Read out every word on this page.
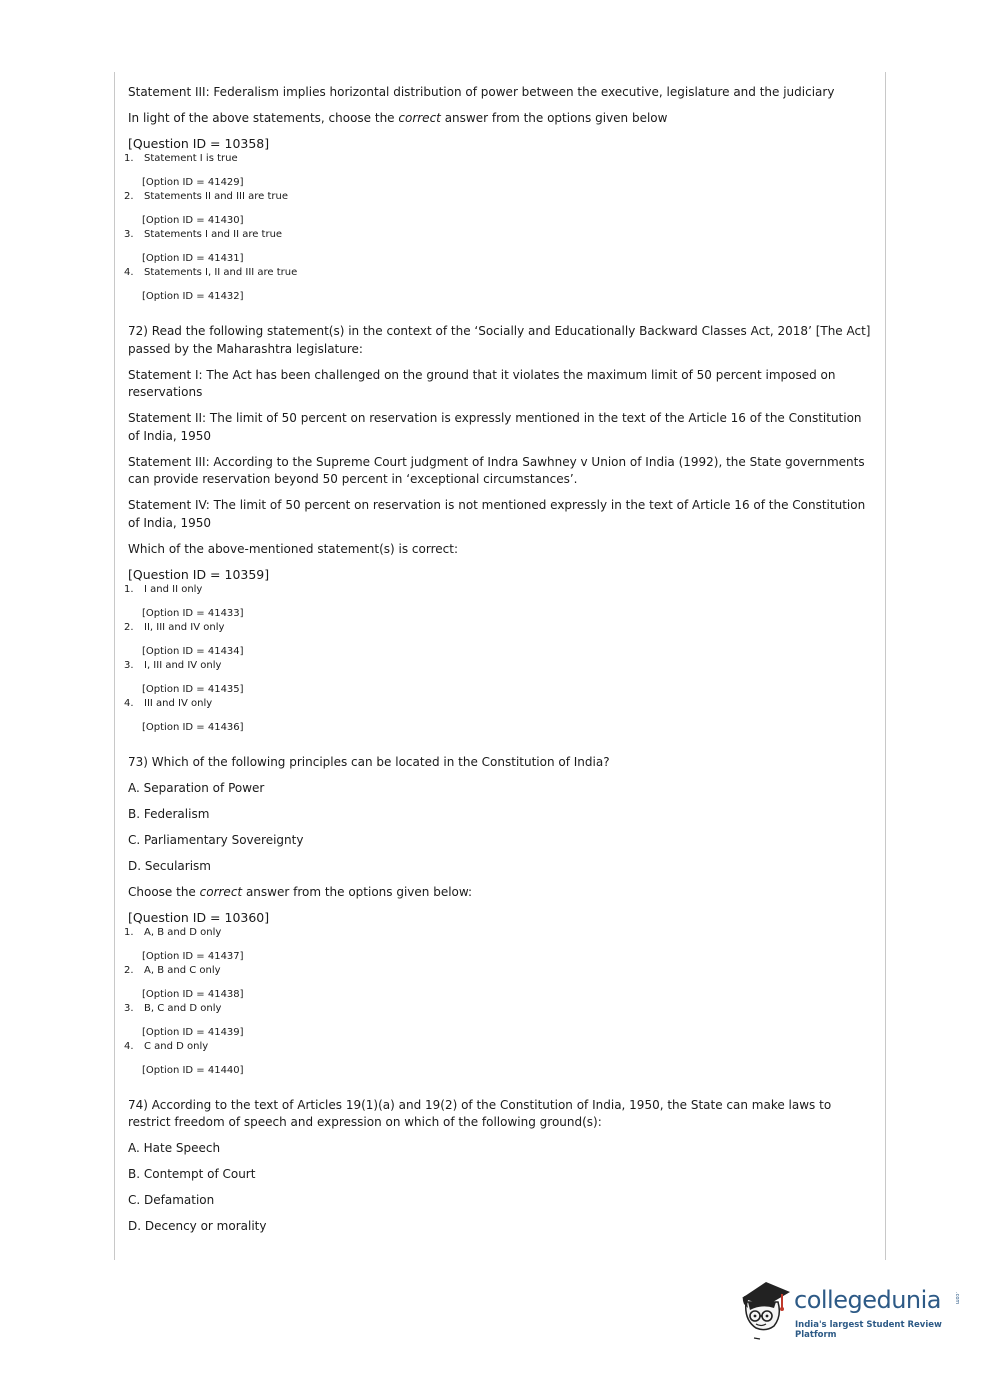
Statement III: Federalism implies horizontal distribution of power between the executive, legislature and the judiciary

In light of the above statements, choose the correct answer from the options given below

[Question ID = 10358]

1.	Statement I is true
[Option ID = 41429]
2.	Statements II and III are true
[Option ID = 41430]
3.	Statements I and II are true
[Option ID = 41431]
4.	Statements I, II and III are true
[Option ID = 41432]

72) Read the following statement(s) in the context of the ‘Socially and Educationally Backward Classes Act, 2018’ [The Act] passed by the Maharashtra legislature:

Statement I: The Act has been challenged on the ground that it violates the maximum limit of 50 percent imposed on reservations

Statement II: The limit of 50 percent on reservation is expressly mentioned in the text of the Article 16 of the Constitution of India, 1950

Statement III: According to the Supreme Court judgment of Indra Sawhney v Union of India (1992), the State governments can provide reservation beyond 50 percent in ‘exceptional circumstances’.

Statement IV: The limit of 50 percent on reservation is not mentioned expressly in the text of Article 16 of the Constitution of India, 1950

Which of the above-mentioned statement(s) is correct:

[Question ID = 10359]

1.	I and II only
[Option ID = 41433]
2.	II, III and IV only
[Option ID = 41434]
3.	I, III and IV only
[Option ID = 41435]
4.	III and IV only
[Option ID = 41436]

73) Which of the following principles can be located in the Constitution of India?

A. Separation of Power

B. Federalism

C. Parliamentary Sovereignty

D. Secularism

Choose the correct answer from the options given below:

[Question ID = 10360]

1.	A, B and D only
[Option ID = 41437]
2.	A, B and C only
[Option ID = 41438]
3.	B, C and D only
[Option ID = 41439]
4.	C and D only
[Option ID = 41440]

74) According to the text of Articles 19(1)(a) and 19(2) of the Constitution of India, 1950, the State can make laws to restrict freedom of speech and expression on which of the following ground(s):

A. Hate Speech

B. Contempt of Court

C. Defamation

D. Decency or morality

collegedunia	.com
India's largest Student Review Platform
